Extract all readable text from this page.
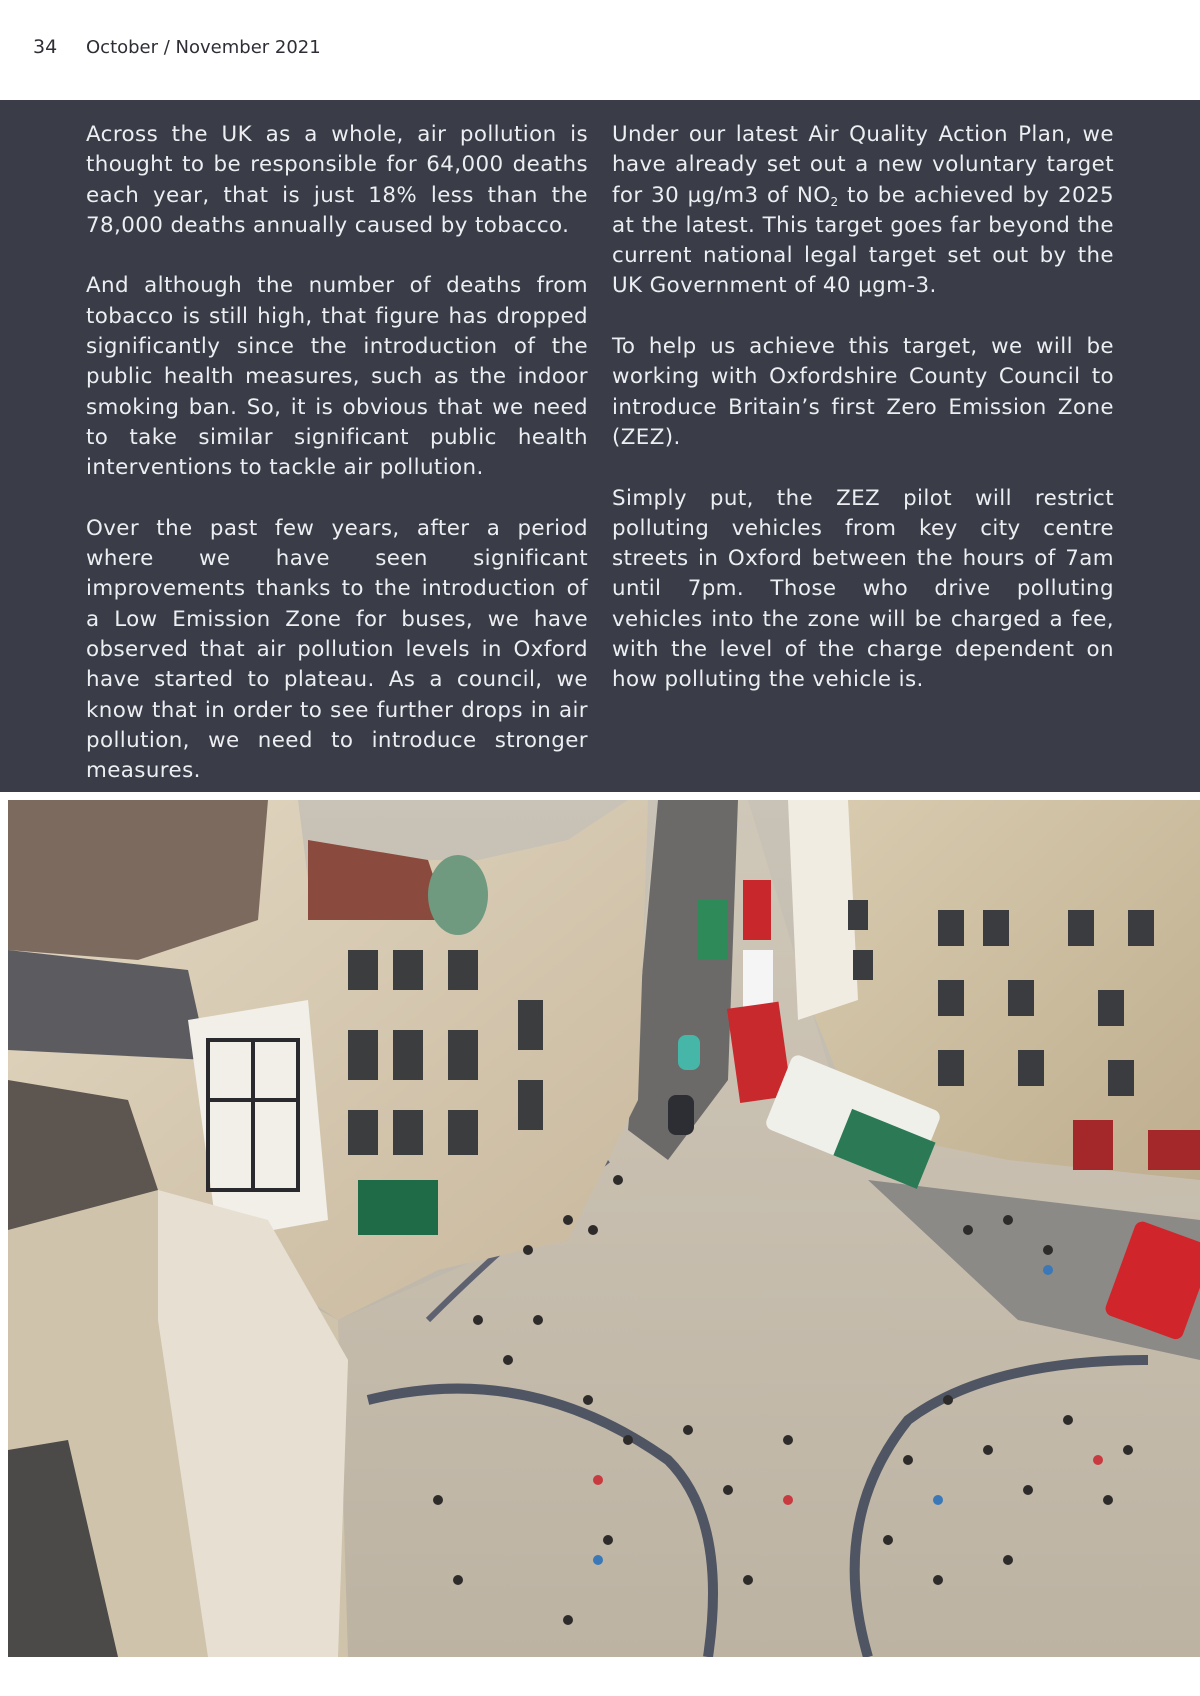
34 October / November 2021

Across the UK as a whole, air pollution is thought to be responsible for 64,000 deaths each year, that is just 18% less than the 78,000 deaths annually caused by tobacco.

And although the number of deaths from tobacco is still high, that figure has dropped significantly since the introduction of the public health measures, such as the indoor smoking ban. So, it is obvious that we need to take similar significant public health interventions to tackle air pollution.

Over the past few years, after a period where we have seen significant improvements thanks to the introduction of a Low Emission Zone for buses, we have observed that air pollution levels in Oxford have started to plateau. As a council, we know that in order to see further drops in air pollution, we need to introduce stronger measures.

Under our latest Air Quality Action Plan, we have already set out a new voluntary target for 30 µg/m3 of $NO_2$ to be achieved by 2025 at the latest. This target goes far beyond the current national legal target set out by the UK Government of 40 µgm-3.

To help us achieve this target, we will be working with Oxfordshire County Council to introduce Britain’s first Zero Emission Zone (ZEZ).

Simply put, the ZEZ pilot will restrict polluting vehicles from key city centre streets in Oxford between the hours of 7am until 7pm. Those who drive polluting vehicles into the zone will be charged a fee, with the level of the charge dependent on how polluting the vehicle is.
